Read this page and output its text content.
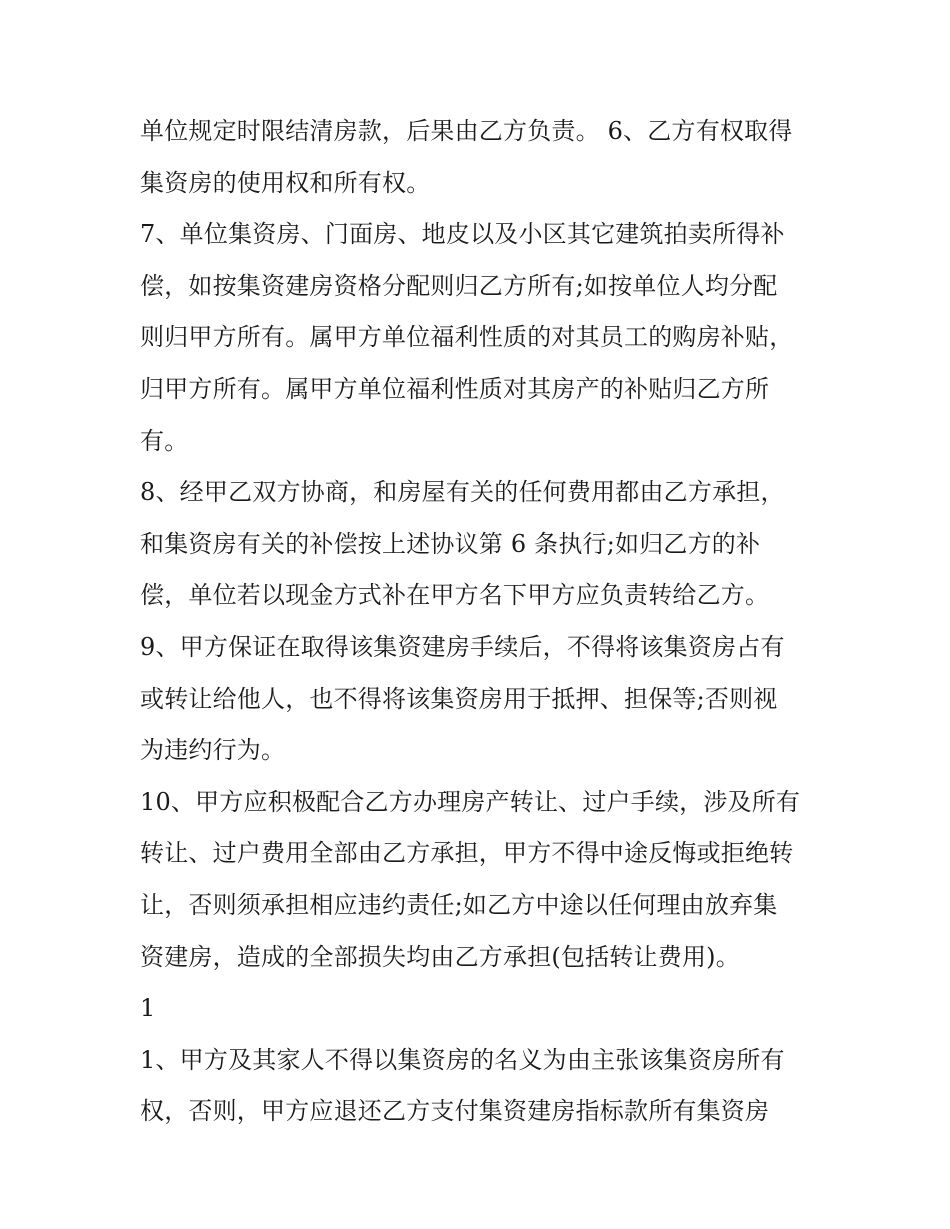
单位规定时限结清房款，后果由乙方负责。 6、乙方有权取得
集资房的使用权和所有权。
7、单位集资房、门面房、地皮以及小区其它建筑拍卖所得补
偿，如按集资建房资格分配则归乙方所有;如按单位人均分配
则归甲方所有。属甲方单位福利性质的对其员工的购房补贴，
归甲方所有。属甲方单位福利性质对其房产的补贴归乙方所
有。
8、经甲乙双方协商，和房屋有关的任何费用都由乙方承担，
和集资房有关的补偿按上述协议第 6 条执行;如归乙方的补
偿，单位若以现金方式补在甲方名下甲方应负责转给乙方。
9、甲方保证在取得该集资建房手续后，不得将该集资房占有
或转让给他人，也不得将该集资房用于抵押、担保等;否则视
为违约行为。
10、甲方应积极配合乙方办理房产转让、过户手续，涉及所有
转让、过户费用全部由乙方承担，甲方不得中途反悔或拒绝转
让，否则须承担相应违约责任;如乙方中途以任何理由放弃集
资建房，造成的全部损失均由乙方承担(包括转让费用)。
1
1、甲方及其家人不得以集资房的名义为由主张该集资房所有
权，否则，甲方应退还乙方支付集资建房指标款所有集资房
